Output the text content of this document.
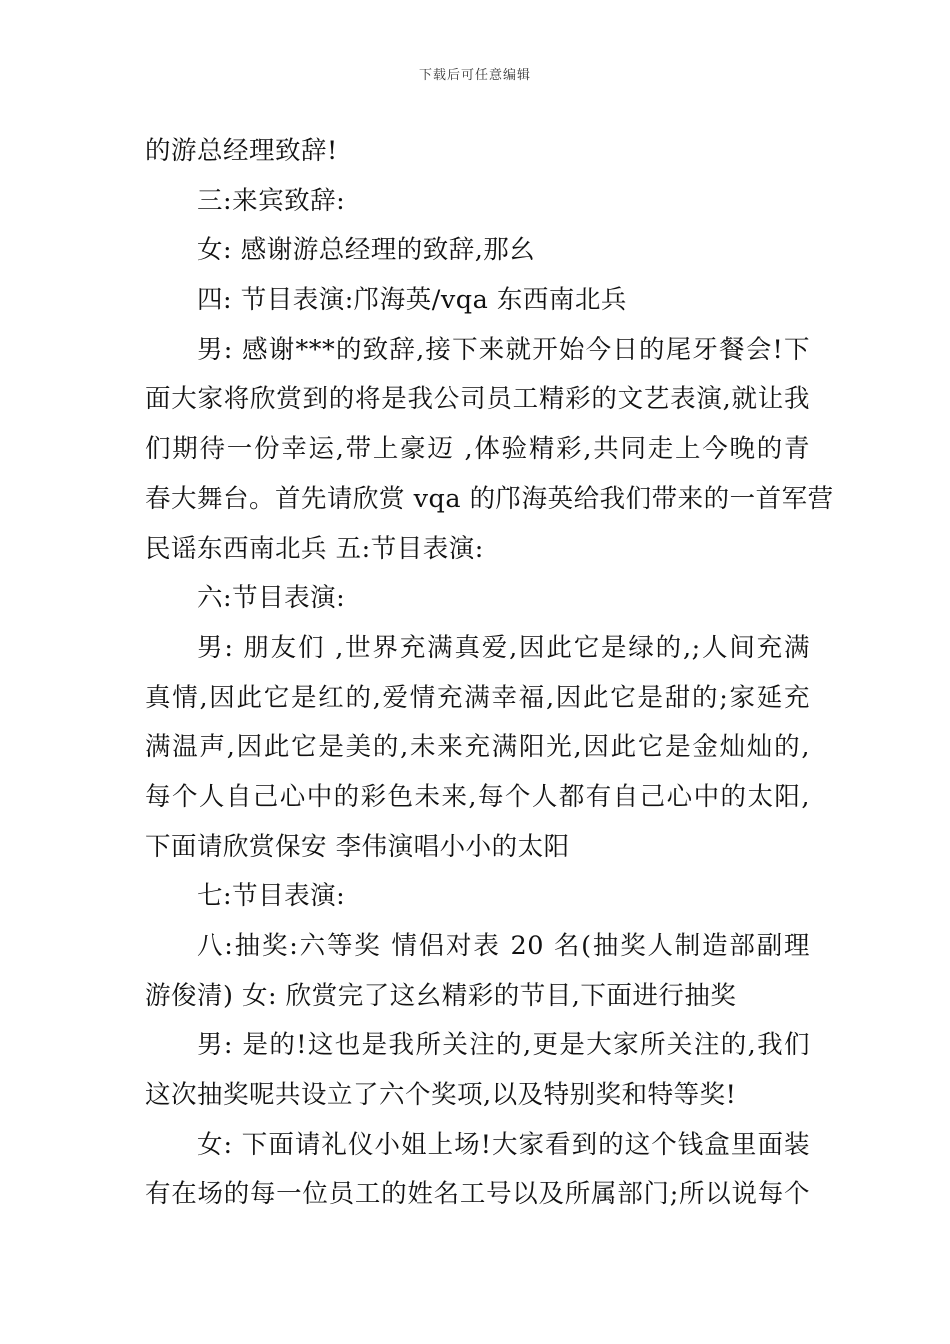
下载后可任意编辑
的游总经理致辞!
三:来宾致辞:
女: 感谢游总经理的致辞,那幺
四: 节目表演:邝海英/vqa 东西南北兵
男: 感谢***的致辞,接下来就开始今日的尾牙餐会!下
面大家将欣赏到的将是我公司员工精彩的文艺表演,就让我
们期待一份幸运,带上豪迈 ,体验精彩,共同走上今晚的青
春大舞台。首先请欣赏 vqa 的邝海英给我们带来的一首军营
民谣东西南北兵 五:节目表演:
六:节目表演:
男: 朋友们 ,世界充满真爱,因此它是绿的,;人间充满
真情,因此它是红的,爱情充满幸福,因此它是甜的;家延充
满温声,因此它是美的,未来充满阳光,因此它是金灿灿的,
每个人自己心中的彩色未来,每个人都有自己心中的太阳,
下面请欣赏保安 李伟演唱小小的太阳
七:节目表演:
八:抽奖:六等奖 情侣对表 20 名(抽奖人制造部副理
游俊清) 女: 欣赏完了这幺精彩的节目,下面进行抽奖
男: 是的!这也是我所关注的,更是大家所关注的,我们
这次抽奖呢共设立了六个奖项,以及特别奖和特等奖!
女: 下面请礼仪小姐上场!大家看到的这个钱盒里面装
有在场的每一位员工的姓名工号以及所属部门;所以说每个
